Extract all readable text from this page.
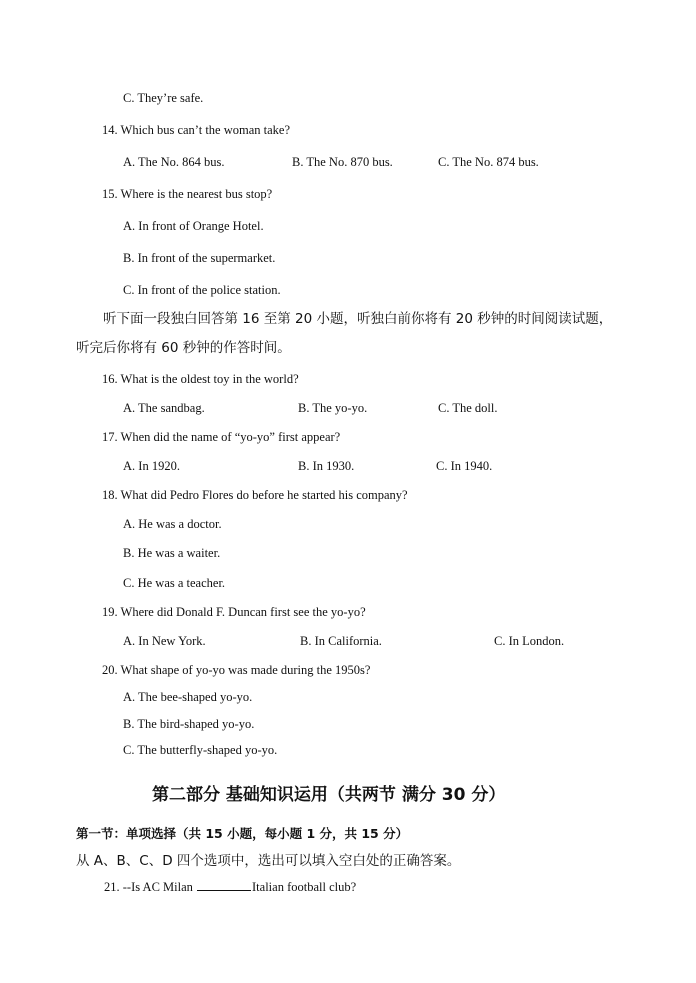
C. They’re safe.
14. Which bus can’t the woman take?
A. The No. 864 bus.	B. The No. 870 bus.	C. The No. 874 bus.
15. Where is the nearest bus stop?
A. In front of Orange Hotel.
B. In front of the supermarket.
C. In front of the police station.
听下面一段独白回答第 16 至第 20 小题，听独白前你将有 20 秒钟的时间阅读试题，
听完后你将有 60 秒钟的作答时间。
16. What is the oldest toy in the world?
A. The sandbag.	B. The yo-yo.	C. The doll.
17. When did the name of “yo-yo” first appear?
A. In 1920.	B. In 1930.	C. In 1940.
18. What did Pedro Flores do before he started his company?
A. He was a doctor.
B. He was a waiter.
C. He was a teacher.
19. Where did Donald F. Duncan first see the yo-yo?
A. In New York.	B. In California.	C. In London.
20. What shape of yo-yo was made during the 1950s?
A. The bee-shaped yo-yo.
B. The bird-shaped yo-yo.
C. The butterfly-shaped yo-yo.
第二部分 基础知识运用（共两节 满分 30 分）
第一节：单项选择（共 15 小题，每小题 1 分，共 15 分）
从 A、B、C、D 四个选项中，选出可以填入空白处的正确答案。
21. --Is AC Milan	Italian football club?
